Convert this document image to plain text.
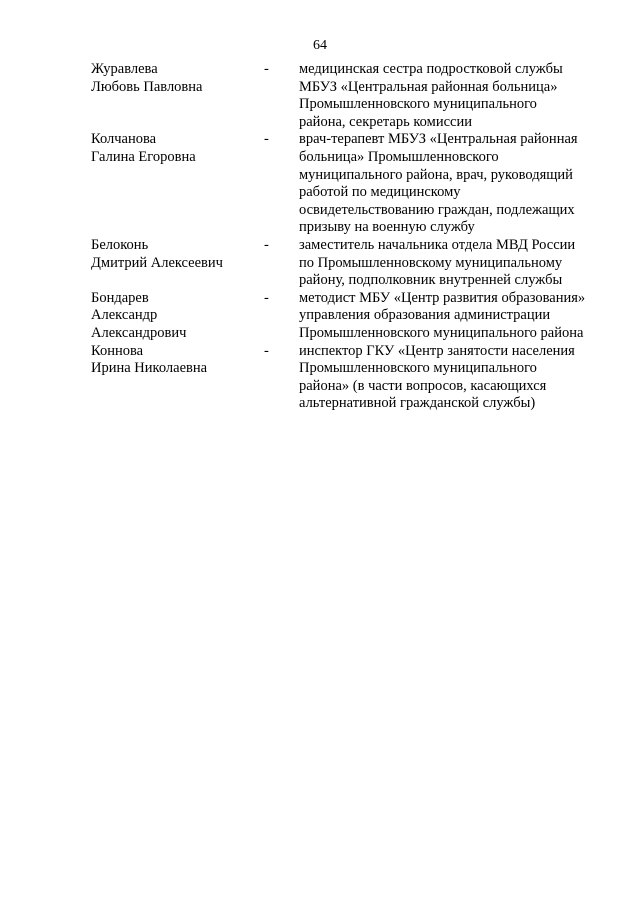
64
Журавлева
Любовь Павловна
-	медицинская сестра подростковой службы
МБУЗ «Центральная районная больница»
Промышленновского муниципального
района, секретарь комиссии
Колчанова
Галина Егоровна
-	врач-терапевт МБУЗ «Центральная районная
больница» Промышленновского
муниципального района, врач, руководящий
работой по медицинскому
освидетельствованию граждан, подлежащих
призыву на военную службу
Белоконь
Дмитрий Алексеевич
-	заместитель начальника отдела МВД России
по Промышленновскому муниципальному
району, подполковник внутренней службы
Бондарев
Александр
Александрович
-	методист МБУ «Центр развития образования»
управления образования администрации
Промышленновского муниципального района
Коннова
Ирина Николаевна
-	инспектор ГКУ «Центр занятости населения
Промышленновского муниципального
района» (в части вопросов, касающихся
альтернативной гражданской службы)
